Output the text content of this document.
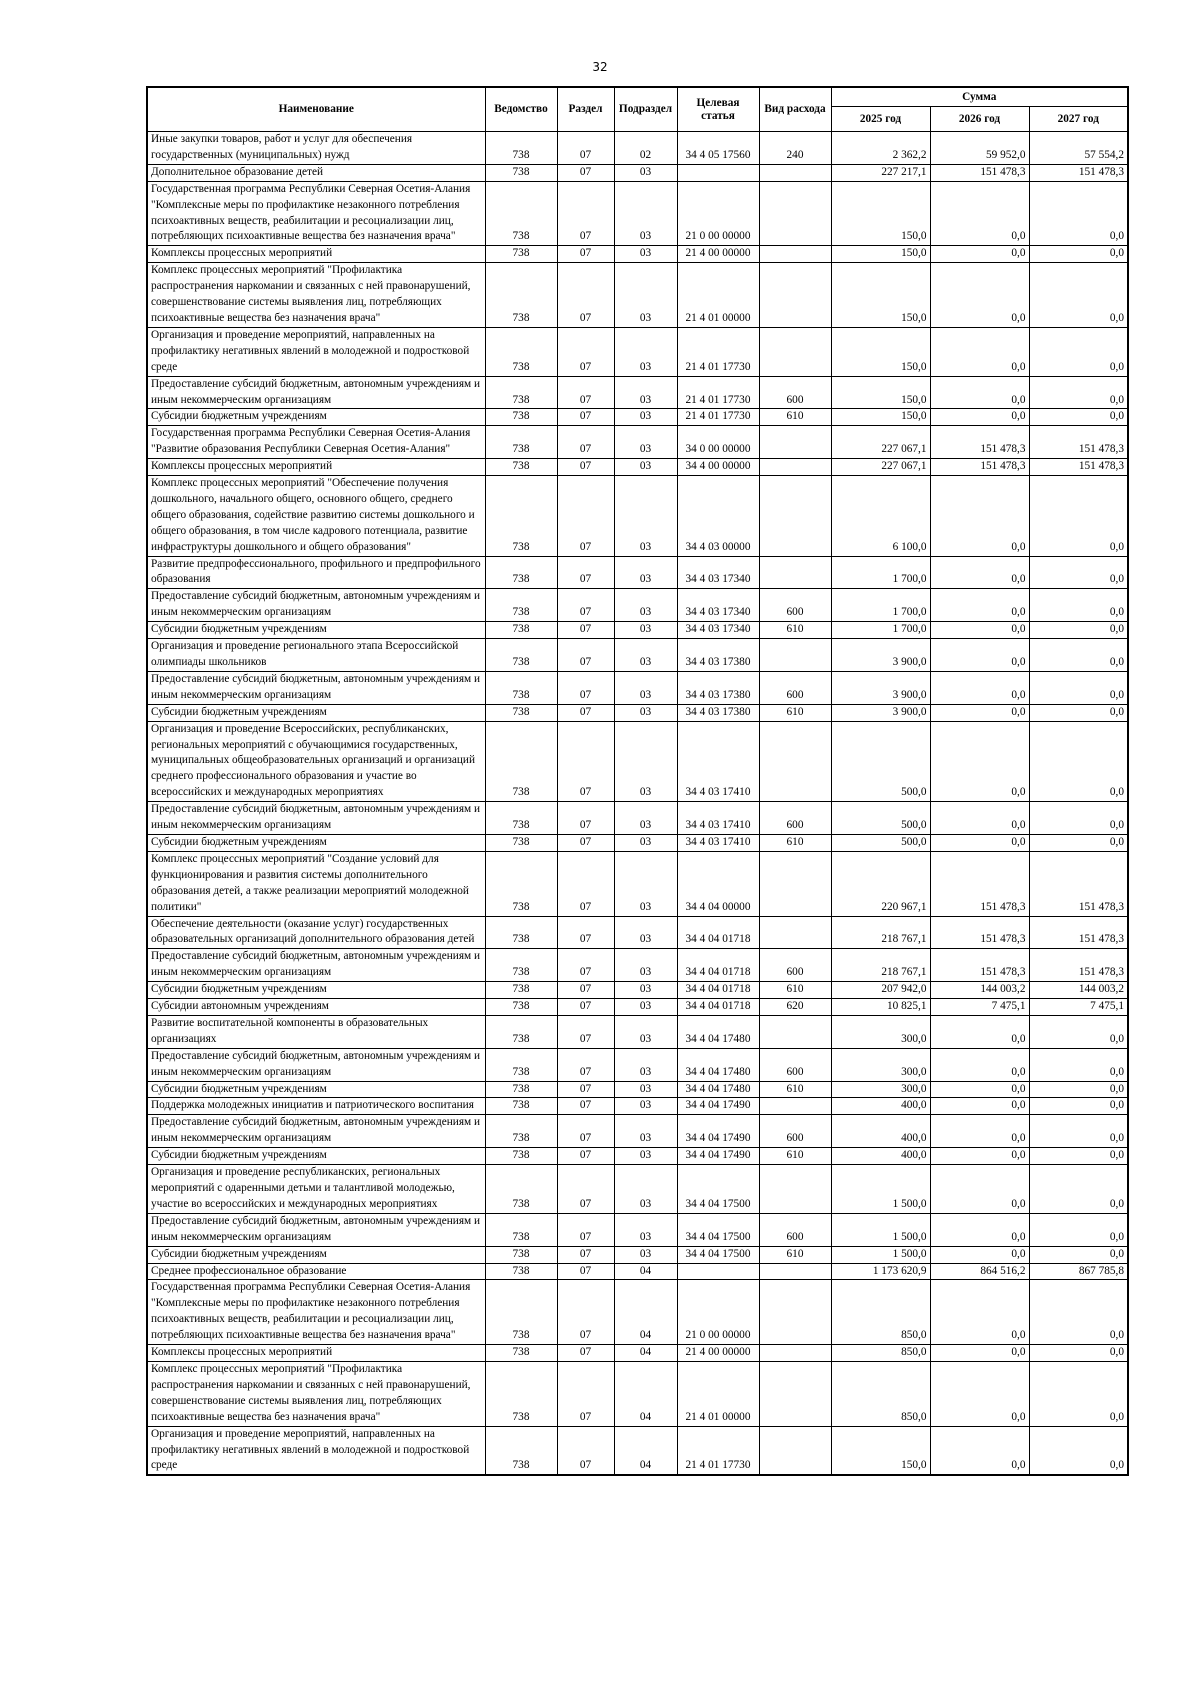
32
Наименование	Ведомство	Раздел	Подраздел	Целевая статья	Вид расхода	Сумма		
						2025 год	2026 год	2027 год
Иные закупки товаров, работ и услуг для обеспечения государственных (муниципальных) нужд	738	07	02	34 4 05 17560	240	2 362,2	59 952,0	57 554,2
Дополнительное образование детей	738	07	03			227 217,1	151 478,3	151 478,3
Государственная программа Республики Северная Осетия-Алания "Комплексные меры по профилактике незаконного потребления психоактивных веществ, реабилитации и ресоциализации лиц, потребляющих психоактивные вещества без назначения врача"	738	07	03	21 0 00 00000		150,0	0,0	0,0
Комплексы процессных мероприятий	738	07	03	21 4 00 00000		150,0	0,0	0,0
Комплекс процессных мероприятий "Профилактика распространения наркомании и связанных с ней правонарушений, совершенствование системы выявления лиц, потребляющих психоактивные вещества без назначения врача"	738	07	03	21 4 01 00000		150,0	0,0	0,0
Организация и проведение мероприятий, направленных на профилактику негативных явлений в молодежной и подростковой среде	738	07	03	21 4 01 17730		150,0	0,0	0,0
Предоставление субсидий бюджетным, автономным учреждениям и иным некоммерческим организациям	738	07	03	21 4 01 17730	600	150,0	0,0	0,0
Субсидии бюджетным учреждениям	738	07	03	21 4 01 17730	610	150,0	0,0	0,0
Государственная программа Республики Северная Осетия-Алания "Развитие образования Республики Северная Осетия-Алания"	738	07	03	34 0 00 00000		227 067,1	151 478,3	151 478,3
Комплексы процессных мероприятий	738	07	03	34 4 00 00000		227 067,1	151 478,3	151 478,3
Комплекс процессных мероприятий "Обеспечение получения дошкольного, начального общего, основного общего, среднего общего образования, содействие развитию системы дошкольного и общего образования, в том числе кадрового потенциала, развитие инфраструктуры дошкольного и общего образования"	738	07	03	34 4 03 00000		6 100,0	0,0	0,0
Развитие предпрофессионального, профильного и предпрофильного образования	738	07	03	34 4 03 17340		1 700,0	0,0	0,0
Предоставление субсидий бюджетным, автономным учреждениям и иным некоммерческим организациям	738	07	03	34 4 03 17340	600	1 700,0	0,0	0,0
Субсидии бюджетным учреждениям	738	07	03	34 4 03 17340	610	1 700,0	0,0	0,0
Организация и проведение регионального этапа Всероссийской олимпиады школьников	738	07	03	34 4 03 17380		3 900,0	0,0	0,0
Предоставление субсидий бюджетным, автономным учреждениям и иным некоммерческим организациям	738	07	03	34 4 03 17380	600	3 900,0	0,0	0,0
Субсидии бюджетным учреждениям	738	07	03	34 4 03 17380	610	3 900,0	0,0	0,0
Организация и проведение Всероссийских, республиканских, региональных мероприятий с обучающимися государственных, муниципальных общеобразовательных организаций и организаций среднего профессионального образования и участие во всероссийских и международных мероприятиях	738	07	03	34 4 03 17410		500,0	0,0	0,0
Предоставление субсидий бюджетным, автономным учреждениям и иным некоммерческим организациям	738	07	03	34 4 03 17410	600	500,0	0,0	0,0
Субсидии бюджетным учреждениям	738	07	03	34 4 03 17410	610	500,0	0,0	0,0
Комплекс процессных мероприятий "Создание условий для функционирования и развития системы дополнительного образования детей, а также реализации мероприятий молодежной политики"	738	07	03	34 4 04 00000		220 967,1	151 478,3	151 478,3
Обеспечение деятельности (оказание услуг) государственных образовательных организаций дополнительного образования детей	738	07	03	34 4 04 01718		218 767,1	151 478,3	151 478,3
Предоставление субсидий бюджетным, автономным учреждениям и иным некоммерческим организациям	738	07	03	34 4 04 01718	600	218 767,1	151 478,3	151 478,3
Субсидии бюджетным учреждениям	738	07	03	34 4 04 01718	610	207 942,0	144 003,2	144 003,2
Субсидии автономным учреждениям	738	07	03	34 4 04 01718	620	10 825,1	7 475,1	7 475,1
Развитие воспитательной компоненты в образовательных организациях	738	07	03	34 4 04 17480		300,0	0,0	0,0
Предоставление субсидий бюджетным, автономным учреждениям и иным некоммерческим организациям	738	07	03	34 4 04 17480	600	300,0	0,0	0,0
Субсидии бюджетным учреждениям	738	07	03	34 4 04 17480	610	300,0	0,0	0,0
Поддержка молодежных инициатив и патриотического воспитания	738	07	03	34 4 04 17490		400,0	0,0	0,0
Предоставление субсидий бюджетным, автономным учреждениям и иным некоммерческим организациям	738	07	03	34 4 04 17490	600	400,0	0,0	0,0
Субсидии бюджетным учреждениям	738	07	03	34 4 04 17490	610	400,0	0,0	0,0
Организация и проведение республиканских, региональных мероприятий с одаренными детьми и талантливой молодежью, участие во всероссийских и международных мероприятиях	738	07	03	34 4 04 17500		1 500,0	0,0	0,0
Предоставление субсидий бюджетным, автономным учреждениям и иным некоммерческим организациям	738	07	03	34 4 04 17500	600	1 500,0	0,0	0,0
Субсидии бюджетным учреждениям	738	07	03	34 4 04 17500	610	1 500,0	0,0	0,0
Среднее профессиональное образование	738	07	04			1 173 620,9	864 516,2	867 785,8
Государственная программа Республики Северная Осетия-Алания "Комплексные меры по профилактике незаконного потребления психоактивных веществ, реабилитации и ресоциализации лиц, потребляющих психоактивные вещества без назначения врача"	738	07	04	21 0 00 00000		850,0	0,0	0,0
Комплексы процессных мероприятий	738	07	04	21 4 00 00000		850,0	0,0	0,0
Комплекс процессных мероприятий "Профилактика распространения наркомании и связанных с ней правонарушений, совершенствование системы выявления лиц, потребляющих психоактивные вещества без назначения врача"	738	07	04	21 4 01 00000		850,0	0,0	0,0
Организация и проведение мероприятий, направленных на профилактику негативных явлений в молодежной и подростковой среде	738	07	04	21 4 01 17730		150,0	0,0	0,0
